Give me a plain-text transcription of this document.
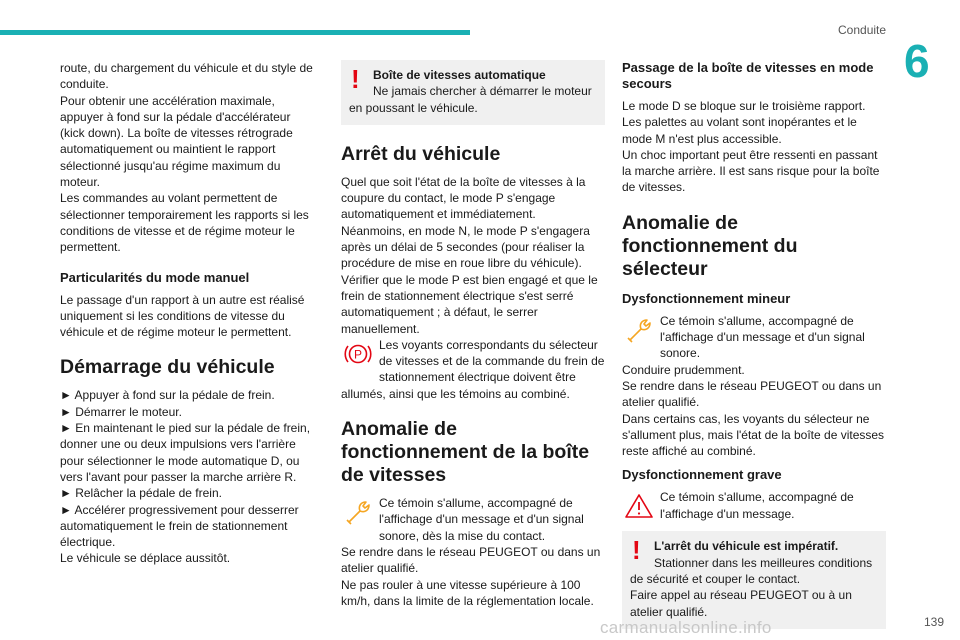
Conduite
6

route, du chargement du véhicule et du style de conduite.
Pour obtenir une accélération maximale, appuyer à fond sur la pédale d'accélérateur (kick down). La boîte de vitesses rétrograde automatiquement ou maintient le rapport sélectionné jusqu'au régime maximum du moteur.
Les commandes au volant permettent de sélectionner temporairement les rapports si les conditions de vitesse et de régime moteur le permettent.

Particularités du mode manuel

Le passage d'un rapport à un autre est réalisé uniquement si les conditions de vitesse du véhicule et de régime moteur le permettent.

Démarrage du véhicule

► Appuyer à fond sur la pédale de frein.
► Démarrer le moteur.
► En maintenant le pied sur la pédale de frein, donner une ou deux impulsions vers l'arrière pour sélectionner le mode automatique D, ou vers l'avant pour passer la marche arrière R.
► Relâcher la pédale de frein.
► Accélérer progressivement pour desserrer automatiquement le frein de stationnement électrique.
Le véhicule se déplace aussitôt.

!	Boîte de vitesses automatique
Ne jamais chercher à démarrer le moteur
en poussant le véhicule.
Arrêt du véhicule

Quel que soit l'état de la boîte de vitesses à la coupure du contact, le mode P s'engage automatiquement et immédiatement.
Néanmoins, en mode N, le mode P s'engagera après un délai de 5 secondes (pour réaliser la procédure de mise en roue libre du véhicule).
Vérifier que le mode P est bien engagé et que le frein de stationnement électrique s'est serré automatiquement ; à défaut, le serrer manuellement.

P

Les voyants correspondants du sélecteur de vitesses et de la commande du frein de stationnement électrique doivent être allumés, ainsi que les témoins au combiné.

Anomalie de fonctionnement de la boîte de vitesses

Ce témoin s'allume, accompagné de l'affichage d'un message et d'un signal sonore, dès la mise du contact.
Se rendre dans le réseau PEUGEOT ou dans un atelier qualifié.
Ne pas rouler à une vitesse supérieure à 100 km/h, dans la limite de la réglementation locale.

Passage de la boîte de vitesses en mode secours

Le mode D se bloque sur le troisième rapport.
Les palettes au volant sont inopérantes et le mode M n'est plus accessible.
Un choc important peut être ressenti en passant la marche arrière. Il est sans risque pour la boîte de vitesses.

Anomalie de fonctionnement du sélecteur
Dysfonctionnement mineur

Ce témoin s'allume, accompagné de l'affichage d'un message et d'un signal sonore.
Conduire prudemment.
Se rendre dans le réseau PEUGEOT ou dans un atelier qualifié.
Dans certains cas, les voyants du sélecteur ne s'allument plus, mais l'état de la boîte de vitesses reste affiché au combiné.

Dysfonctionnement grave

Ce témoin s'allume, accompagné de l'affichage d'un message.

!	L'arrêt du véhicule est impératif.
Stationner dans les meilleures conditions
de sécurité et couper le contact.
Faire appel au réseau PEUGEOT ou à un atelier qualifié.
carmanualsonline.info	139
